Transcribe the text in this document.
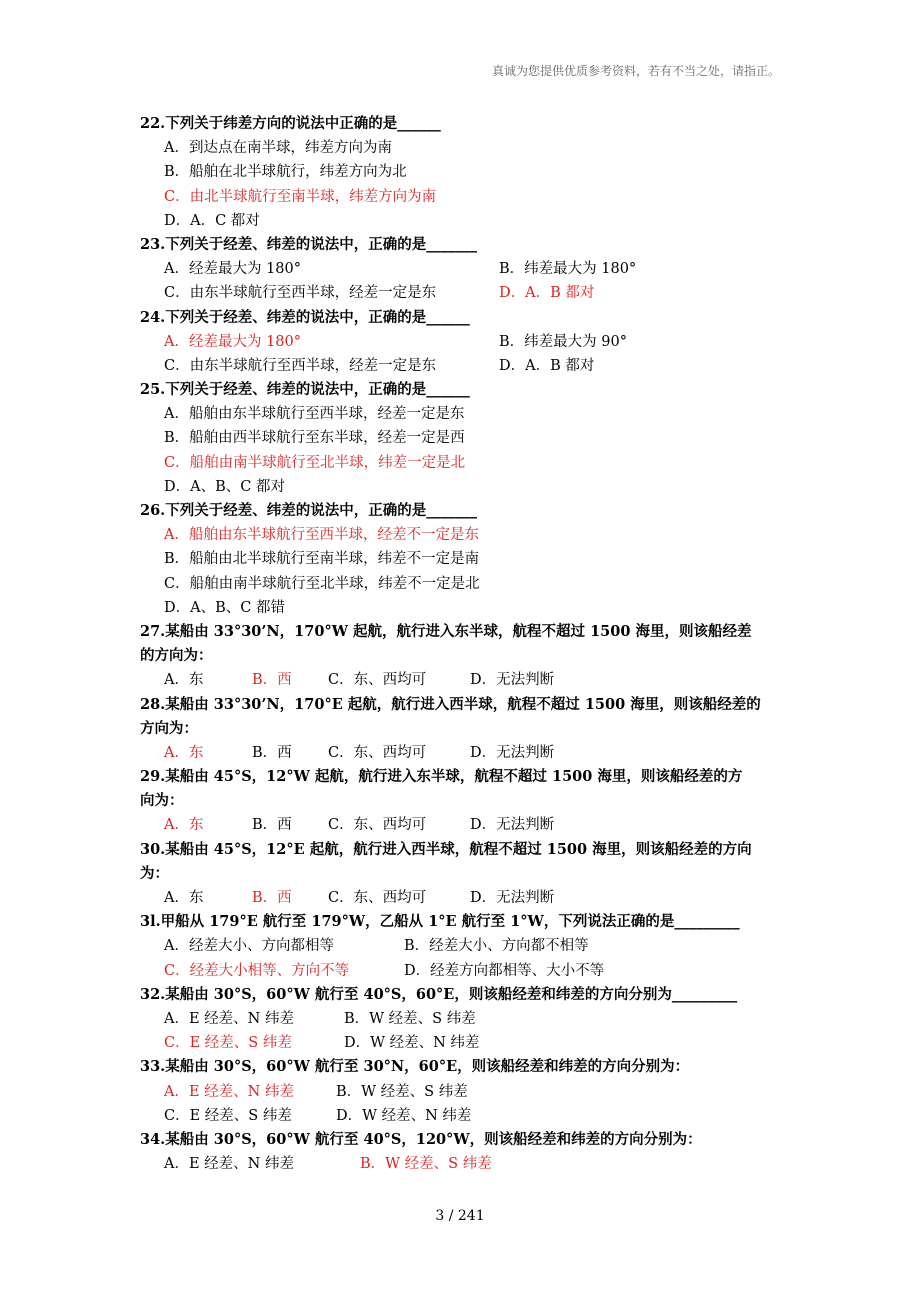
真诚为您提供优质参考资料，若有不当之处，请指正。
22.下列关于纬差方向的说法中正确的是______
A．到达点在南半球，纬差方向为南
B．船舶在北半球航行，纬差方向为北
C．由北半球航行至南半球，纬差方向为南
D．A．C 都对
23.下列关于经差、纬差的说法中，正确的是_______
A．经差最大为 180°	B．纬差最大为 180°
C．由东半球航行至西半球，经差一定是东	D．A．B 都对
24.下列关于经差、纬差的说法中，正确的是______
A．经差最大为 180°	B．纬差最大为 90°
C．由东半球航行至西半球，经差一定是东	D．A．B 都对
25.下列关于经差、纬差的说法中，正确的是______
A．船舶由东半球航行至西半球，经差一定是东
B．船舶由西半球航行至东半球，经差一定是西
C．船舶由南半球航行至北半球，纬差一定是北
D．A、B、C 都对
26.下列关于经差、纬差的说法中，正确的是_______
A．船舶由东半球航行至西半球，经差不一定是东
B．船舶由北半球航行至南半球，纬差不一定是南
C．船舶由南半球航行至北半球，纬差不一定是北
D．A、B、C 都错
27.某船由 33°30’N，170°W 起航，航行进入东半球，航程不超过 1500 海里，则该船经差
的方向为：
A．东	B．西	C．东、西均可	D．无法判断
28.某船由 33°30’N，170°E 起航，航行进入西半球，航程不超过 1500 海里，则该船经差的
方向为：
A．东	B．西	C．东、西均可	D．无法判断
29.某船由 45°S，12°W 起航，航行进入东半球，航程不超过 1500 海里，则该船经差的方
向为：
A．东	B．西	C．东、西均可	D．无法判断
30.某船由 45°S，12°E 起航，航行进入西半球，航程不超过 1500 海里，则该船经差的方向
为：
A．东	B．西	C．东、西均可	D．无法判断
3l.甲船从 179°E 航行至 179°W，乙船从 1°E 航行至 1°W，下列说法正确的是_________
A．经差大小、方向都相等	B．经差大小、方向都不相等
C．经差大小相等、方向不等	D．经差方向都相等、大小不等
32.某船由 30°S，60°W 航行至 40°S，60°E，则该船经差和纬差的方向分别为_________
A．E 经差、N 纬差	B．W 经差、S 纬差
C．E 经差、S 纬差	D．W 经差、N 纬差
33.某船由 30°S，60°W 航行至 30°N，60°E，则该船经差和纬差的方向分别为：
A．E 经差、N 纬差	B．W 经差、S 纬差
C．E 经差、S 纬差	D．W 经差、N 纬差
34.某船由 30°S，60°W 航行至 40°S，120°W，则该船经差和纬差的方向分别为：
A．E 经差、N 纬差	B．W 经差、S 纬差
3 / 241
